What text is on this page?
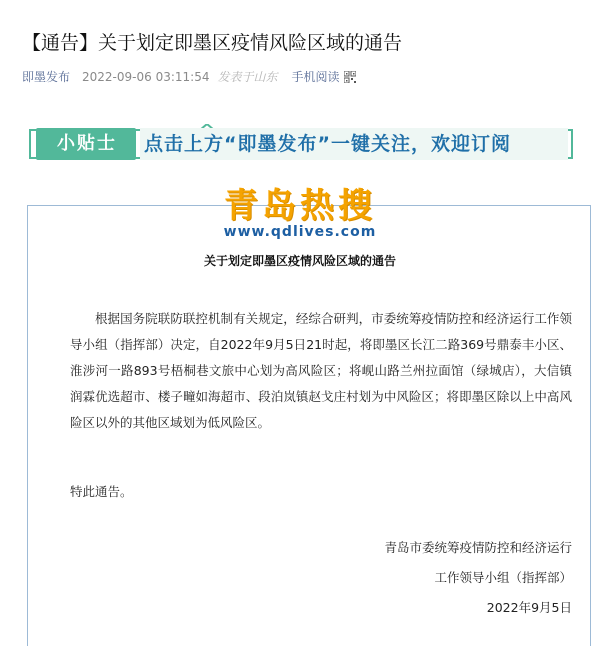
【通告】关于划定即墨区疫情风险区域的通告
即墨发布 2022-09-06 03:11:54 发表于山东 手机阅读
小贴士	点击上方“即墨发布”一键关注，欢迎订阅
青岛热搜
www.qdlives.com
关于划定即墨区疫情风险区域的通告
根据国务院联防联控机制有关规定，经综合研判，市委统筹疫情防控和经济运行工作领导小组（指挥部）决定，自2022年9月5日21时起，将即墨区长江二路369号鼎泰丰小区、淮涉河一路893号梧桐巷文旅中心划为高风险区；将岘山路兰州拉面馆（绿城店），大信镇润霖优选超市、楼子疃如海超市、段泊岚镇赵戈庄村划为中风险区；将即墨区除以上中高风险区以外的其他区域划为低风险区。
特此通告。
青岛市委统筹疫情防控和经济运行
工作领导小组（指挥部）
2022年9月5日
